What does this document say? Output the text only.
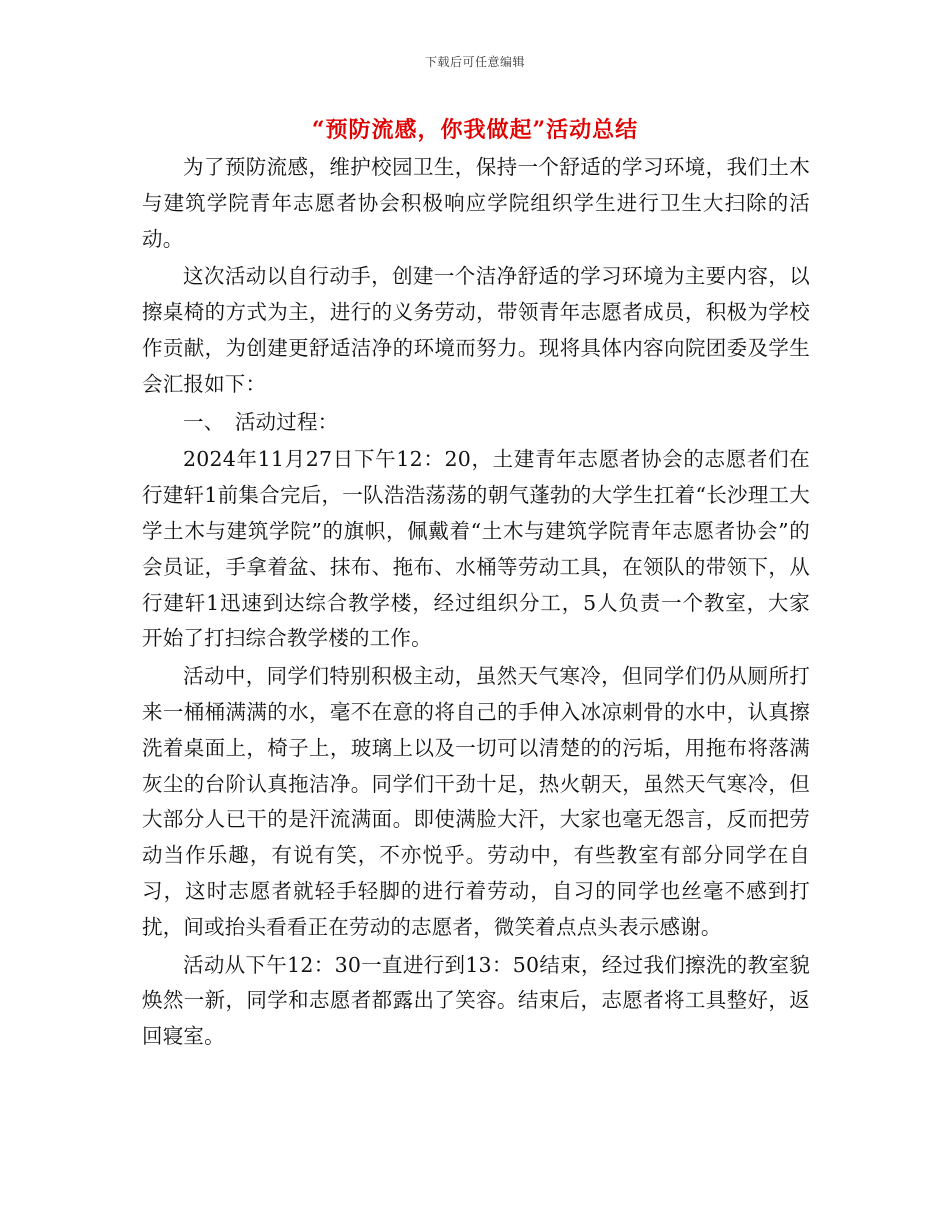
下载后可任意编辑
“预防流感，你我做起”活动总结

为了预防流感，维护校园卫生，保持一个舒适的学习环境，我们土木与建筑学院青年志愿者协会积极响应学院组织学生进行卫生大扫除的活动。

这次活动以自行动手，创建一个洁净舒适的学习环境为主要内容，以擦桌椅的方式为主，进行的义务劳动，带领青年志愿者成员，积极为学校作贡献，为创建更舒适洁净的环境而努力。现将具体内容向院团委及学生会汇报如下：

一、　活动过程：

2024年11月27日下午12：20，土建青年志愿者协会的志愿者们在行建轩1前集合完后，一队浩浩荡荡的朝气蓬勃的大学生扛着“长沙理工大学土木与建筑学院”的旗帜，佩戴着“土木与建筑学院青年志愿者协会”的会员证，手拿着盆、抹布、拖布、水桶等劳动工具，在领队的带领下，从行建轩1迅速到达综合教学楼，经过组织分工，5人负责一个教室，大家开始了打扫综合教学楼的工作。

活动中，同学们特别积极主动，虽然天气寒冷，但同学们仍从厕所打来一桶桶满满的水，毫不在意的将自己的手伸入冰凉刺骨的水中，认真擦洗着桌面上，椅子上，玻璃上以及一切可以清楚的的污垢，用拖布将落满灰尘的台阶认真拖洁净。同学们干劲十足，热火朝天，虽然天气寒冷，但大部分人已干的是汗流满面。即使满脸大汗，大家也毫无怨言，反而把劳动当作乐趣，有说有笑，不亦悦乎。劳动中，有些教室有部分同学在自习，这时志愿者就轻手轻脚的进行着劳动，自习的同学也丝毫不感到打扰，间或抬头看看正在劳动的志愿者，微笑着点点头表示感谢。

活动从下午12：30一直进行到13：50结束，经过我们擦洗的教室貌焕然一新，同学和志愿者都露出了笑容。结束后，志愿者将工具整好，返回寝室。
